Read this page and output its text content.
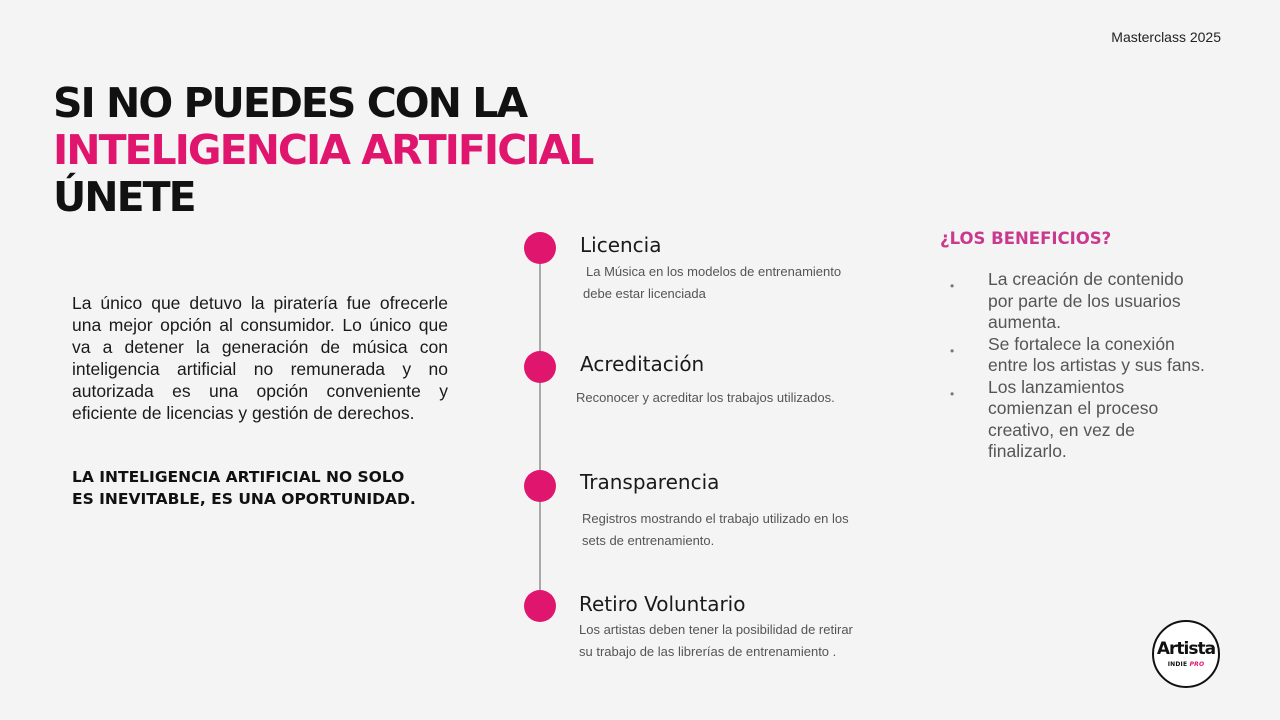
Masterclass 2025
SI NO PUEDES CON LA
INTELIGENCIA ARTIFICIAL
ÚNETE
La único que detuvo la piratería fue ofrecerle una mejor opción al consumidor. Lo único que va a detener la generación de música con inteligencia artificial no remunerada y no autorizada es una opción conveniente y eficiente de licencias y gestión de derechos.
LA INTELIGENCIA ARTIFICIAL NO SOLO
ES INEVITABLE, ES UNA OPORTUNIDAD.
Licencia
La Música en los modelos de entrenamiento
debe estar licenciada
Acreditación
Reconocer y acreditar los trabajos utilizados.
Transparencia
Registros mostrando el trabajo utilizado en los
sets de entrenamiento.
Retiro Voluntario
Los artistas deben tener la posibilidad de retirar
su trabajo de las librerías de entrenamiento .
¿LOS BENEFICIOS?
• La creación de contenido por parte de los usuarios aumenta.
• Se fortalece la conexión entre los artistas y sus fans.
• Los lanzamientos comienzan el proceso creativo, en vez de finalizarlo.
Artista
INDIE PRO
